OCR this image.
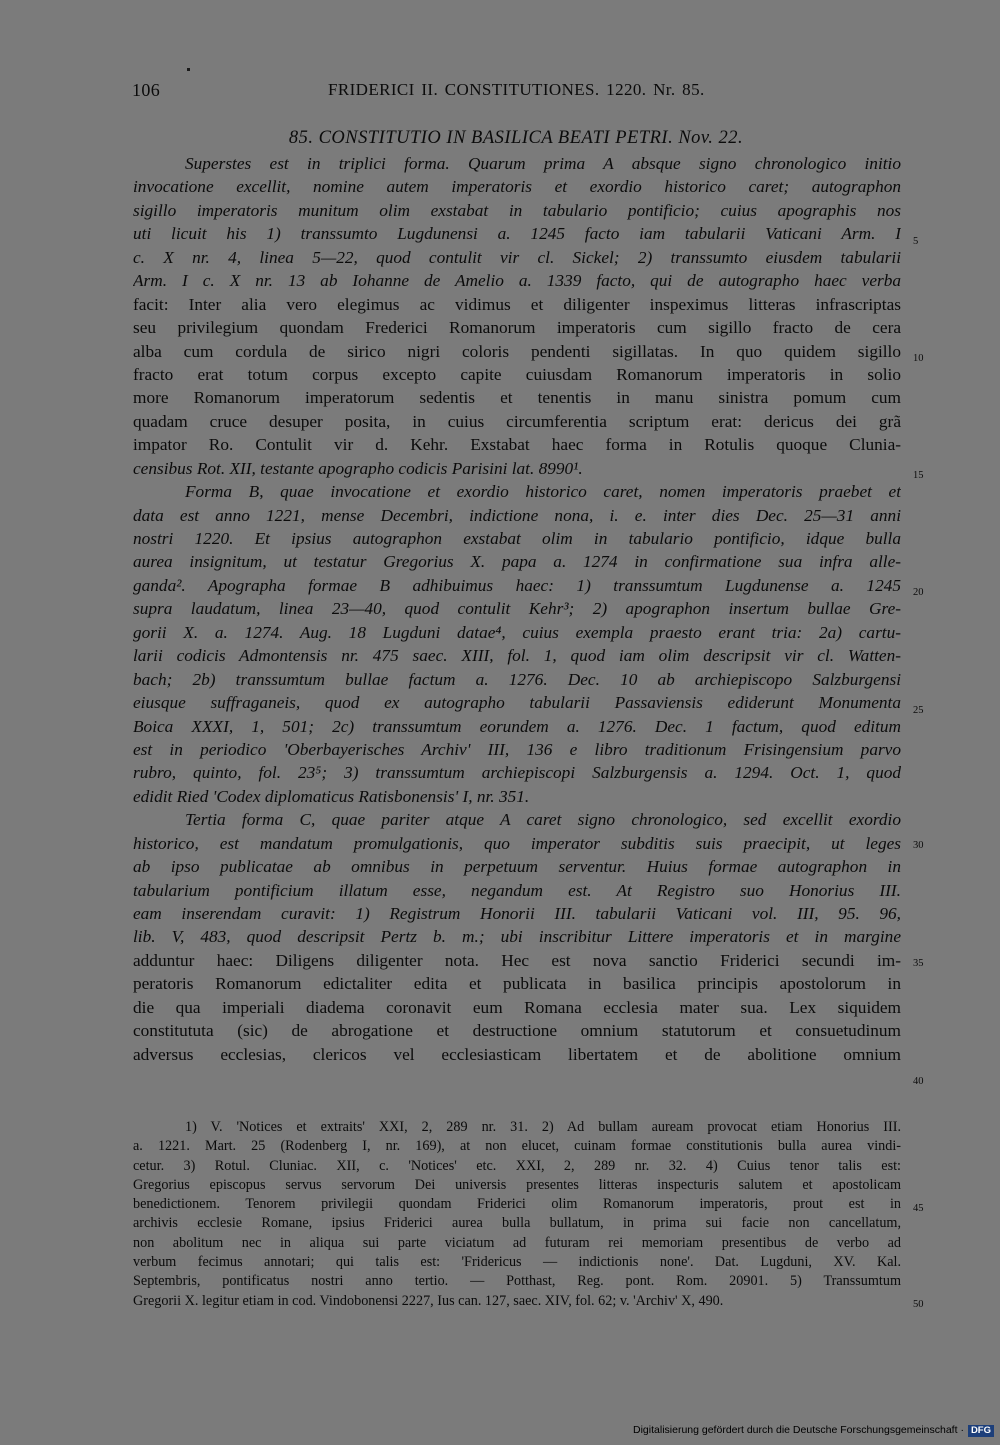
106	FRIDERICI II. CONSTITUTIONES. 1220. Nr. 85.
85. CONSTITUTIO IN BASILICA BEATI PETRI. Nov. 22.
Superstes est in triplici forma. Quarum prima A absque signo chronologico initio
invocatione excellit, nomine autem imperatoris et exordio historico caret; autographon
sigillo imperatoris munitum olim exstabat in tabulario pontificio; cuius apographis nos
uti licuit his 1) transsumto Lugdunensi a. 1245 facto iam tabularii Vaticani Arm. I
c. X nr. 4, linea 5—22, quod contulit vir cl. Sickel; 2) transsumto eiusdem tabularii
Arm. I c. X nr. 13 ab Iohanne de Amelio a. 1339 facto, qui de autographo haec verba
facit: Inter alia vero elegimus ac vidimus et diligenter inspeximus litteras infrascriptas
seu privilegium quondam Frederici Romanorum imperatoris cum sigillo fracto de cera
alba cum cordula de sirico nigri coloris pendenti sigillatas. In quo quidem sigillo
fracto erat totum corpus excepto capite cuiusdam Romanorum imperatoris in solio
more Romanorum imperatorum sedentis et tenentis in manu sinistra pomum cum
quadam cruce desuper posita, in cuius circumferentia scriptum erat: dericus dei grã
impator Ro. Contulit vir d. Kehr. Exstabat haec forma in Rotulis quoque Clunia-
censibus Rot. XII, testante apographo codicis Parisini lat. 8990¹.
Forma B, quae invocatione et exordio historico caret, nomen imperatoris praebet et
data est anno 1221, mense Decembri, indictione nona, i. e. inter dies Dec. 25—31 anni
nostri 1220. Et ipsius autographon exstabat olim in tabulario pontificio, idque bulla
aurea insignitum, ut testatur Gregorius X. papa a. 1274 in confirmatione sua infra alle-
ganda². Apographa formae B adhibuimus haec: 1) transsumtum Lugdunense a. 1245
supra laudatum, linea 23—40, quod contulit Kehr³; 2) apographon insertum bullae Gre-
gorii X. a. 1274. Aug. 18 Lugduni datae⁴, cuius exempla praesto erant tria: 2a) cartu-
larii codicis Admontensis nr. 475 saec. XIII, fol. 1, quod iam olim descripsit vir cl. Watten-
bach; 2b) transsumtum bullae factum a. 1276. Dec. 10 ab archiepiscopo Salzburgensi
eiusque suffraganeis, quod ex autographo tabularii Passaviensis ediderunt Monumenta
Boica XXXI, 1, 501; 2c) transsumtum eorundem a. 1276. Dec. 1 factum, quod editum
est in periodico 'Oberbayerisches Archiv' III, 136 e libro traditionum Frisingensium parvo
rubro, quinto, fol. 23⁵; 3) transsumtum archiepiscopi Salzburgensis a. 1294. Oct. 1, quod
edidit Ried 'Codex diplomaticus Ratisbonensis' I, nr. 351.
Tertia forma C, quae pariter atque A caret signo chronologico, sed excellit exordio
historico, est mandatum promulgationis, quo imperator subditis suis praecipit, ut leges
ab ipso publicatae ab omnibus in perpetuum serventur. Huius formae autographon in
tabularium pontificium illatum esse, negandum est. At Registro suo Honorius III.
eam inserendam curavit: 1) Registrum Honorii III. tabularii Vaticani vol. III, 95. 96,
lib. V, 483, quod descripsit Pertz b. m.; ubi inscribitur Littere imperatoris et in margine
adduntur haec: Diligens diligenter nota. Hec est nova sanctio Friderici secundi im-
peratoris Romanorum edictaliter edita et publicata in basilica principis apostolorum in
die qua imperiali diadema coronavit eum Romana ecclesia mater sua. Lex siquidem
constitututa (sic) de abrogatione et destructione omnium statutorum et consuetudinum
adversus ecclesias, clericos vel ecclesiasticam libertatem et de abolitione omnium
5
10
15
20
25
30
35
40
1) V. 'Notices et extraits' XXI, 2, 289 nr. 31. 2) Ad bullam auream provocat etiam Honorius III.
a. 1221. Mart. 25 (Rodenberg I, nr. 169), at non elucet, cuinam formae constitutionis bulla aurea vindi-
cetur. 3) Rotul. Cluniac. XII, c. 'Notices' etc. XXI, 2, 289 nr. 32. 4) Cuius tenor talis est:
Gregorius episcopus servus servorum Dei universis presentes litteras inspecturis salutem et apostolicam
benedictionem. Tenorem privilegii quondam Friderici olim Romanorum imperatoris, prout est in
archivis ecclesie Romane, ipsius Friderici aurea bulla bullatum, in prima sui facie non cancellatum,
non abolitum nec in aliqua sui parte viciatum ad futuram rei memoriam presentibus de verbo ad
verbum fecimus annotari; qui talis est: 'Fridericus — indictionis none'. Dat. Lugduni, XV. Kal.
Septembris, pontificatus nostri anno tertio. — Potthast, Reg. pont. Rom. 20901. 5) Transsumtum
Gregorii X. legitur etiam in cod. Vindobonensi 2227, Ius can. 127, saec. XIV, fol. 62; v. 'Archiv' X, 490.
45
50
Digitalisierung gefördert durch die Deutsche Forschungsgemeinschaft · DFG
